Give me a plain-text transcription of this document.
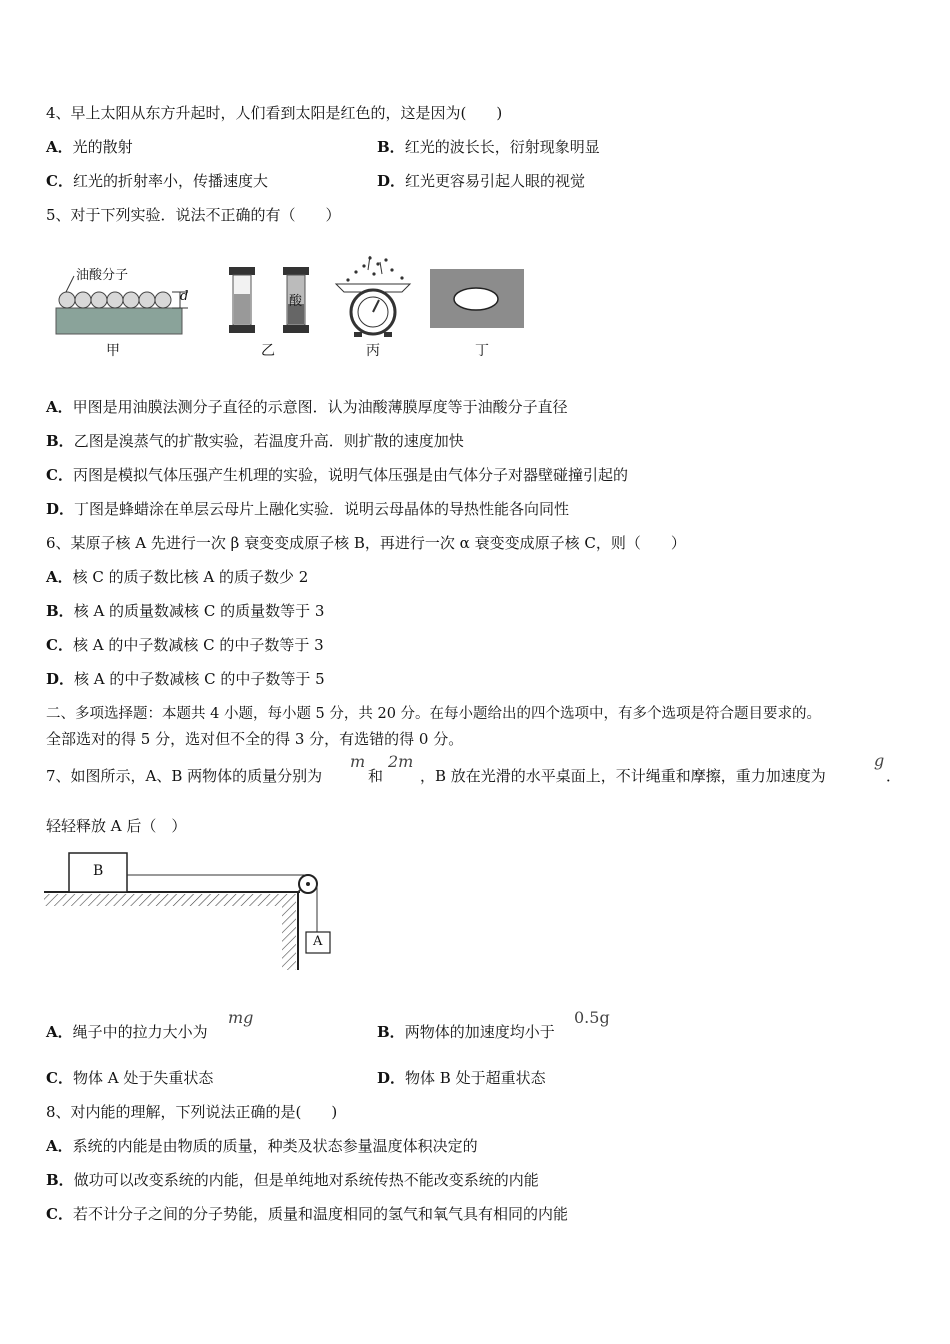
4、早上太阳从东方升起时，人们看到太阳是红色的，这是因为(　　)
A．光的散射	B．红光的波长长，衍射现象明显
C．红光的折射率小，传播速度大	D．红光更容易引起人眼的视觉
5、对于下列实验．说法不正确的有（　　）
油酸分子
d
甲
酸
乙	丙	丁
A．甲图是用油膜法测分子直径的示意图．认为油酸薄膜厚度等于油酸分子直径
B．乙图是溴蒸气的扩散实验，若温度升高．则扩散的速度加快
C．丙图是模拟气体压强产生机理的实验，说明气体压强是由气体分子对器壁碰撞引起的
D．丁图是蜂蜡涂在单层云母片上融化实验．说明云母晶体的导热性能各向同性
6、某原子核 A 先进行一次 β 衰变变成原子核 B，再进行一次 α 衰变变成原子核 C，则（　　）
A．核 C 的质子数比核 A 的质子数少 2
B．核 A 的质量数减核 C 的质量数等于 3
C．核 A 的中子数减核 C 的中子数等于 3
D．核 A 的中子数减核 C 的中子数等于 5
二、多项选择题：本题共 4 小题，每小题 5 分，共 20 分。在每小题给出的四个选项中，有多个选项是符合题目要求的。
全部选对的得 5 分，选对但不全的得 3 分，有选错的得 0 分。
7、如图所示，A、B 两物体的质量分别为
m
和
2m
，B 放在光滑的水平桌面上，不计绳重和摩擦，重力加速度为
g
．
轻轻释放 A 后（　）
B
A
A．绳子中的拉力大小为
mg
B．两物体的加速度均小于
0.5g
C．物体 A 处于失重状态	D．物体 B 处于超重状态
8、对内能的理解，下列说法正确的是(　　)
A．系统的内能是由物质的质量，种类及状态参量温度体积决定的
B．做功可以改变系统的内能，但是单纯地对系统传热不能改变系统的内能
C．若不计分子之间的分子势能，质量和温度相同的氢气和氧气具有相同的内能
